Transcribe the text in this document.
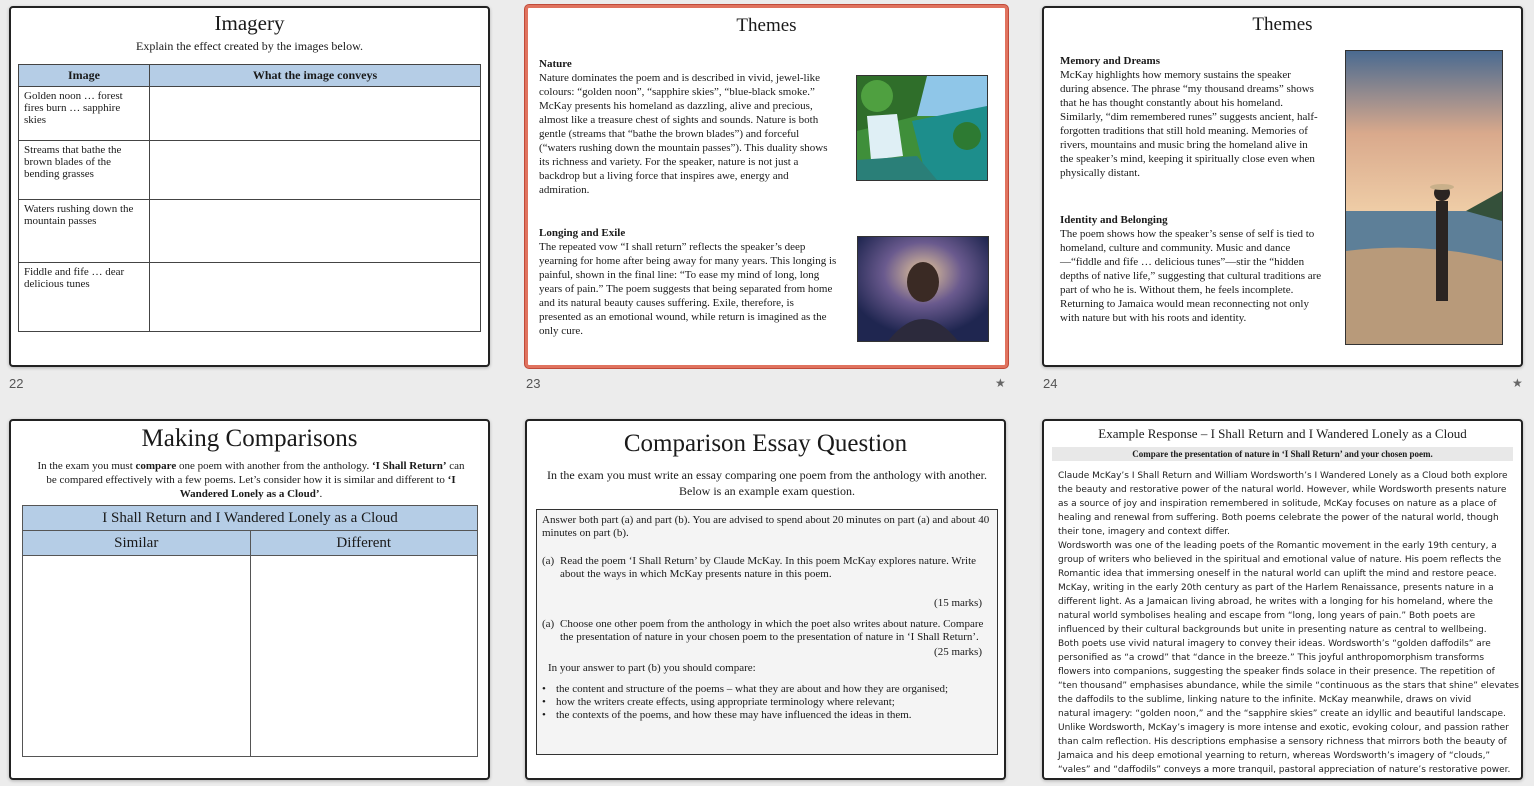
Imagery
Explain the effect created by the images below.
Image	What the image conveys
Golden noon … forest fires burn … sapphire skies	
Streams that bathe the brown blades of the bending grasses	
Waters rushing down the mountain passes	
Fiddle and fife … dear delicious tunes	
22
Themes
Nature
Nature dominates the poem and is described in vivid, jewel-like colours: “golden noon”, “sapphire skies”, “blue-black smoke.” McKay presents his homeland as dazzling, alive and precious, almost like a treasure chest of sights and sounds. Nature is both gentle (streams that “bathe the brown blades”) and forceful (“waters rushing down the mountain passes”). This duality shows its richness and variety. For the speaker, nature is not just a backdrop but a living force that inspires awe, energy and admiration.
Longing and Exile
The repeated vow “I shall return” reflects the speaker’s deep yearning for home after being away for many years. This longing is painful, shown in the final line: “To ease my mind of long, long years of pain.” The poem suggests that being separated from home and its natural beauty causes suffering. Exile, therefore, is presented as an emotional wound, while return is imagined as the only cure.
23	★
Themes
Memory and Dreams
McKay highlights how memory sustains the speaker during absence. The phrase “my thousand dreams” shows that he has thought constantly about his homeland. Similarly, “dim remembered runes” suggests ancient, half-forgotten traditions that still hold meaning. Memories of rivers, mountains and music bring the homeland alive in the speaker’s mind, keeping it spiritually close even when physically distant.
Identity and Belonging
The poem shows how the speaker’s sense of self is tied to homeland, culture and community. Music and dance—“fiddle and fife … delicious tunes”—stir the “hidden depths of native life,” suggesting that cultural traditions are part of who he is. Without them, he feels incomplete. Returning to Jamaica would mean reconnecting not only with nature but with his roots and identity.
24	★
Making Comparisons
In the exam you must compare one poem with another from the anthology. ‘I Shall Return’ can be compared effectively with a few poems. Let’s consider how it is similar and different to ‘I Wandered Lonely as a Cloud’.
I Shall Return and I Wandered Lonely as a Cloud	
Similar	Different

Comparison Essay Question
In the exam you must write an essay comparing one poem from the anthology with another. Below is an example exam question.
Answer both part (a) and part (b). You are advised to spend about 20 minutes on part (a) and about 40 minutes on part (b).
(a) Read the poem ‘I Shall Return’ by Claude McKay. In this poem McKay explores nature. Write about the ways in which McKay presents nature in this poem.
(15 marks)
(a) Choose one other poem from the anthology in which the poet also writes about nature. Compare the presentation of nature in your chosen poem to the presentation of nature in ‘I Shall Return’.
(25 marks)
In your answer to part (b) you should compare:
• the content and structure of the poems – what they are about and how they are organised;
• how the writers create effects, using appropriate terminology where relevant;
• the contexts of the poems, and how these may have influenced the ideas in them.
Example Response – I Shall Return and I Wandered Lonely as a Cloud
Compare the presentation of nature in ‘I Shall Return’ and your chosen poem.
Claude McKay’s I Shall Return and William Wordsworth’s I Wandered Lonely as a Cloud both explore
the beauty and restorative power of the natural world. However, while Wordsworth presents nature
as a source of joy and inspiration remembered in solitude, McKay focuses on nature as a place of
healing and renewal from suffering. Both poems celebrate the power of the natural world, though
their tone, imagery and context differ.
Wordsworth was one of the leading poets of the Romantic movement in the early 19th century, a
group of writers who believed in the spiritual and emotional value of nature. His poem reflects the
Romantic idea that immersing oneself in the natural world can uplift the mind and restore peace.
McKay, writing in the early 20th century as part of the Harlem Renaissance, presents nature in a
different light. As a Jamaican living abroad, he writes with a longing for his homeland, where the
natural world symbolises healing and escape from “long, long years of pain.” Both poets are
influenced by their cultural backgrounds but unite in presenting nature as central to wellbeing.
Both poets use vivid natural imagery to convey their ideas. Wordsworth’s “golden daffodils” are
personified as “a crowd” that “dance in the breeze.” This joyful anthropomorphism transforms
flowers into companions, suggesting the speaker finds solace in their presence. The repetition of
“ten thousand” emphasises abundance, while the simile “continuous as the stars that shine” elevates
the daffodils to the sublime, linking nature to the infinite. McKay meanwhile, draws on vivid
natural imagery: “golden noon,” and the “sapphire skies” create an idyllic and beautiful landscape.
Unlike Wordsworth, McKay’s imagery is more intense and exotic, evoking colour, and passion rather
than calm reflection. His descriptions emphasise a sensory richness that mirrors both the beauty of
Jamaica and his deep emotional yearning to return, whereas Wordsworth’s imagery of “clouds,”
“vales” and “daffodils” conveys a more tranquil, pastoral appreciation of nature’s restorative power.
